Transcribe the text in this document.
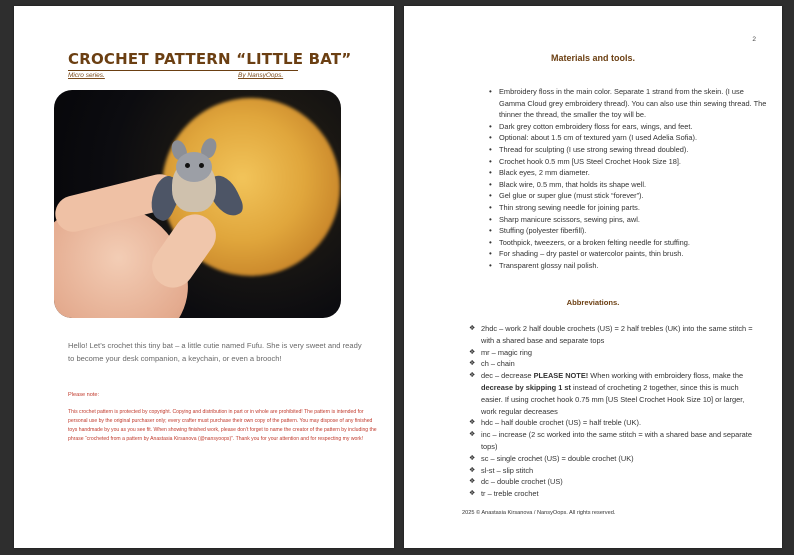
CROCHET PATTERN “LITTLE BAT”
Micro series.	By NansyOops.
Hello! Let’s crochet this tiny bat – a little cutie named Fufu. She is very sweet and ready to become your desk companion, a keychain, or even a brooch!
Please note:
This crochet pattern is protected by copyright. Copying and distribution in part or in whole are prohibited! The pattern is intended for personal use by the original purchaser only; every crafter must purchase their own copy of the pattern. You may dispose of any finished toys handmade by you as you see fit. When showing finished work, please don’t forget to name the creator of the pattern by including the phrase “crocheted from a pattern by Anastasia Kirsanova (@nansyoops)”. Thank you for your attention and for respecting my work!
2
Materials and tools.
• Embroidery floss in the main color. Separate 1 strand from the skein. (I use Gamma Cloud grey embroidery thread). You can also use thin sewing thread. The thinner the thread, the smaller the toy will be.
• Dark grey cotton embroidery floss for ears, wings, and feet.
• Optional: about 1.5 cm of textured yarn (I used Adelia Sofia).
• Thread for sculpting (I use strong sewing thread doubled).
• Crochet hook 0.5 mm [US Steel Crochet Hook Size 18].
• Black eyes, 2 mm diameter.
• Black wire, 0.5 mm, that holds its shape well.
• Gel glue or super glue (must stick “forever”).
• Thin strong sewing needle for joining parts.
• Sharp manicure scissors, sewing pins, awl.
• Stuffing (polyester fiberfill).
• Toothpick, tweezers, or a broken felting needle for stuffing.
• For shading – dry pastel or watercolor paints, thin brush.
• Transparent glossy nail polish.
Abbreviations.
❖ 2hdc – work 2 half double crochets (US) = 2 half trebles (UK) into the same stitch = with a shared base and separate tops
❖ mr – magic ring
❖ ch – chain
❖ dec – decrease PLEASE NOTE! When working with embroidery floss, make the decrease by skipping 1 st instead of crocheting 2 together, since this is much easier. If using crochet hook 0.75 mm [US Steel Crochet Hook Size 10] or larger, work regular decreases
❖ hdc – half double crochet (US) = half treble (UK).
❖ inc – increase (2 sc worked into the same stitch = with a shared base and separate tops)
❖ sc – single crochet (US) = double crochet (UK)
❖ sl-st – slip stitch
❖ dc – double crochet (US)
❖ tr – treble crochet
2025 © Anastasia Kirsanova / NansyOops. All rights reserved.
